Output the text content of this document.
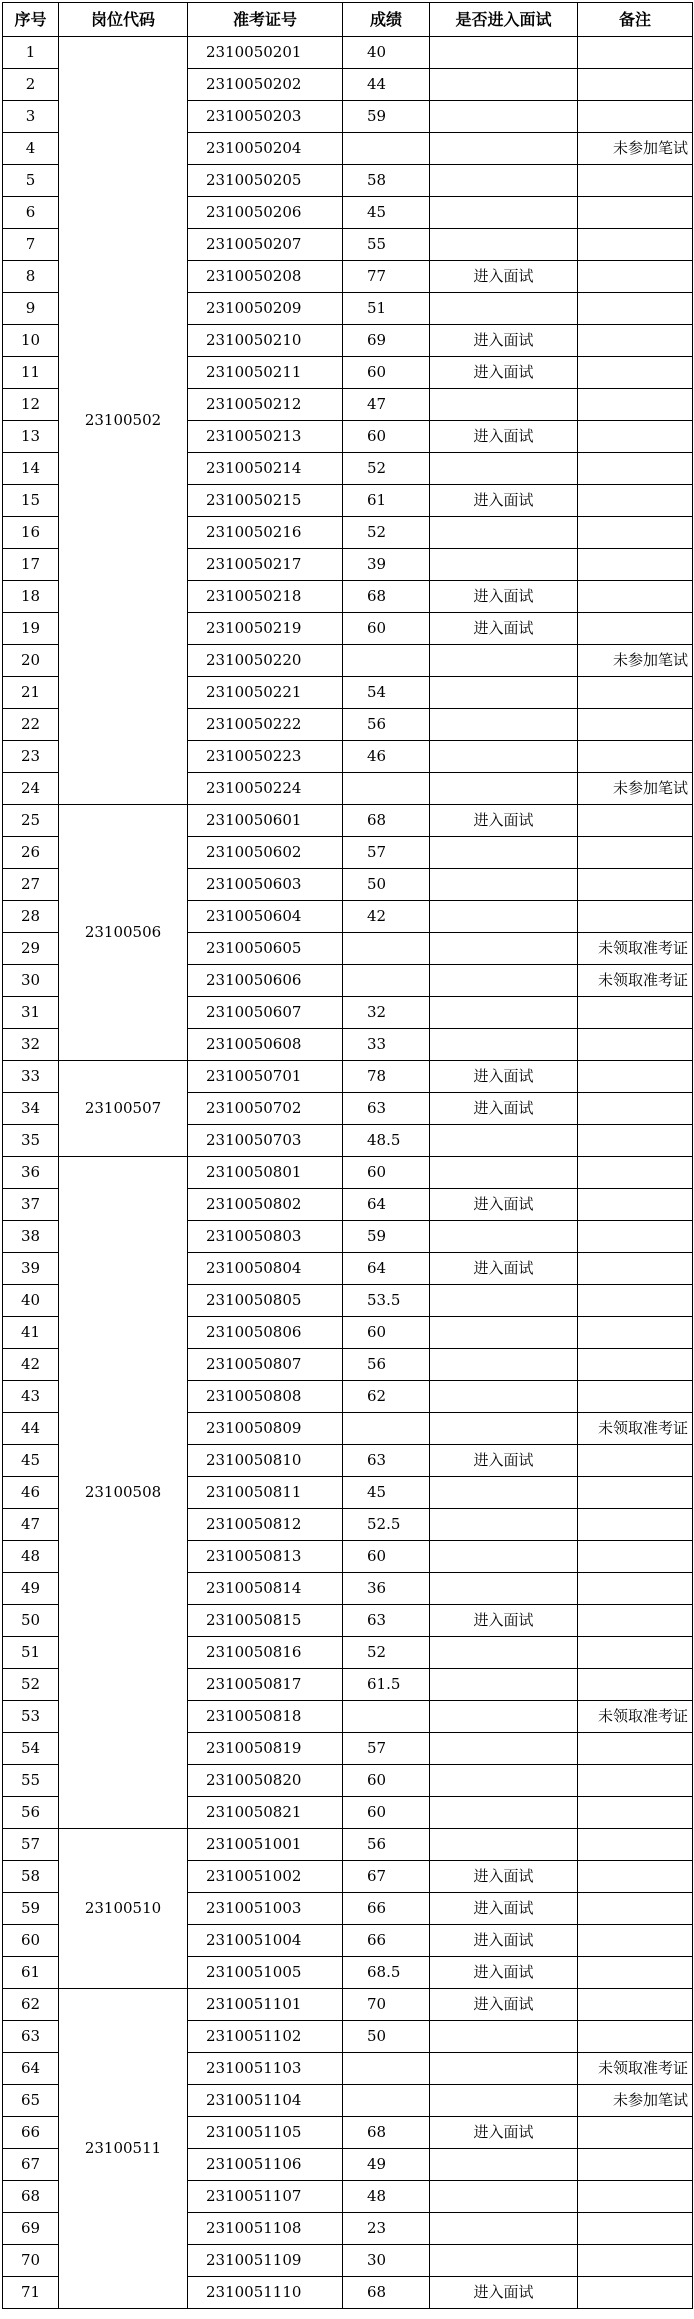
序号	岗位代码	准考证号	成绩	是否进入面试	备注
1	23100502	2310050201	40		
2		2310050202	44		
3		2310050203	59		
4		2310050204			未参加笔试
5		2310050205	58		
6		2310050206	45		
7		2310050207	55		
8		2310050208	77	进入面试	
9		2310050209	51		
10		2310050210	69	进入面试	
11		2310050211	60	进入面试	
12		2310050212	47		
13		2310050213	60	进入面试	
14		2310050214	52		
15		2310050215	61	进入面试	
16		2310050216	52		
17		2310050217	39		
18		2310050218	68	进入面试	
19		2310050219	60	进入面试	
20		2310050220			未参加笔试
21		2310050221	54		
22		2310050222	56		
23		2310050223	46		
24		2310050224			未参加笔试
25	23100506	2310050601	68	进入面试	
26		2310050602	57		
27		2310050603	50		
28		2310050604	42		
29		2310050605			未领取准考证
30		2310050606			未领取准考证
31		2310050607	32		
32		2310050608	33		
33	23100507	2310050701	78	进入面试	
34		2310050702	63	进入面试	
35		2310050703	48.5		
36	23100508	2310050801	60		
37		2310050802	64	进入面试	
38		2310050803	59		
39		2310050804	64	进入面试	
40		2310050805	53.5		
41		2310050806	60		
42		2310050807	56		
43		2310050808	62		
44		2310050809			未领取准考证
45		2310050810	63	进入面试	
46		2310050811	45		
47		2310050812	52.5		
48		2310050813	60		
49		2310050814	36		
50		2310050815	63	进入面试	
51		2310050816	52		
52		2310050817	61.5		
53		2310050818			未领取准考证
54		2310050819	57		
55		2310050820	60		
56		2310050821	60		
57	23100510	2310051001	56		
58		2310051002	67	进入面试	
59		2310051003	66	进入面试	
60		2310051004	66	进入面试	
61		2310051005	68.5	进入面试	
62	23100511	2310051101	70	进入面试	
63		2310051102	50		
64		2310051103			未领取准考证
65		2310051104			未参加笔试
66		2310051105	68	进入面试	
67		2310051106	49		
68		2310051107	48		
69		2310051108	23		
70		2310051109	30		
71		2310051110	68	进入面试	
